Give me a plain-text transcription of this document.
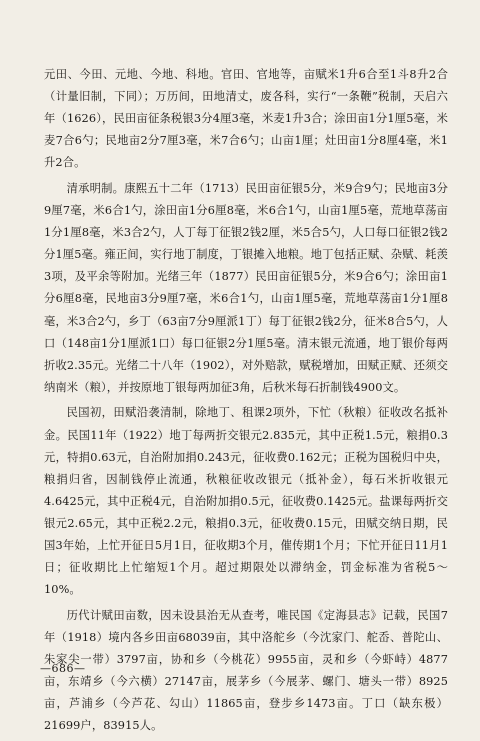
元田、今田、元地、今地、科地。官田、官地等，亩赋米1升6合至1斗8升2合（计量旧制，下同）；万历间，田地清丈，废各科，实行“一条鞭”税制，天启六年（1626），民田亩征条税银3分4厘3毫，米麦1升3合；涂田亩1分1厘5毫，米麦7合6勺；民地亩2分7厘3毫，米7合6勺；山亩1厘；灶田亩1分8厘4毫，米1升2合。

清承明制。康熙五十二年（1713）民田亩征银5分，米9合9勺；民地亩3分9厘7毫，米6合1勺，涂田亩1分6厘8毫，米6合1勺，山亩1厘5毫，荒地草荡亩1分1厘8毫，米3合2勺，人丁每丁征银2钱2厘，米5合5勺，人口每口征银2钱2分1厘5毫。雍正间，实行地丁制度，丁银摊入地粮。地丁包括正赋、杂赋、耗羡3项，及平余等附加。光绪三年（1877）民田亩征银5分，米9合6勺；涂田亩1分6厘8毫，民地亩3分9厘7毫，米6合1勺，山亩1厘5毫，荒地草荡亩1分1厘8毫，米3合2勺，乡丁（63亩7分9厘派1丁）每丁征银2钱2分，征米8合5勺，人口（148亩1分1厘派1口）每口征银2分1厘5毫。清末银元流通，地丁银价每两折收2.35元。光绪二十八年（1902），对外赔款，赋税增加，田赋正赋、还须交纳南米（粮），并按原地丁银每两加征3角，后秋米每石折制钱4900文。

民国初，田赋沿袭清制，除地丁、租课2项外，下忙（秋粮）征收改名抵补金。民国11年（1922）地丁每两折交银元2.835元，其中正税1.5元，粮捐0.3元，特捐0.63元，自治附加捐0.243元，征收费0.162元；正税为国税归中央，粮捐归省，因制钱停止流通，秋粮征收改银元（抵补金），每石米折收银元4.6425元，其中正税4元，自治附加捐0.5元，征收费0.1425元。盐课每两折交银元2.65元，其中正税2.2元，粮捐0.3元，征收费0.15元，田赋交纳日期，民国3年始，上忙开征日5月1日，征收期3个月，催传期1个月；下忙开征日11月1日；征收期比上忙缩短1个月。超过期限处以滞纳金，罚金标准为省税5～10%。

历代计赋田亩数，因未设县治无从查考，唯民国《定海县志》记载，民国7年（1918）境内各乡田亩68039亩，其中洛舵乡（今沈家门、舵岙、普陀山、朱家尖一带）3797亩，协和乡（今桃花）9955亩，灵和乡（今虾峙）4877亩，东靖乡（今六横）27147亩，展茅乡（今展茅、螺门、塘头一带）8925亩，芦浦乡（今芦花、勾山）11865亩，登步乡1473亩。丁口（缺东极）21699户，83915人。

—686—
